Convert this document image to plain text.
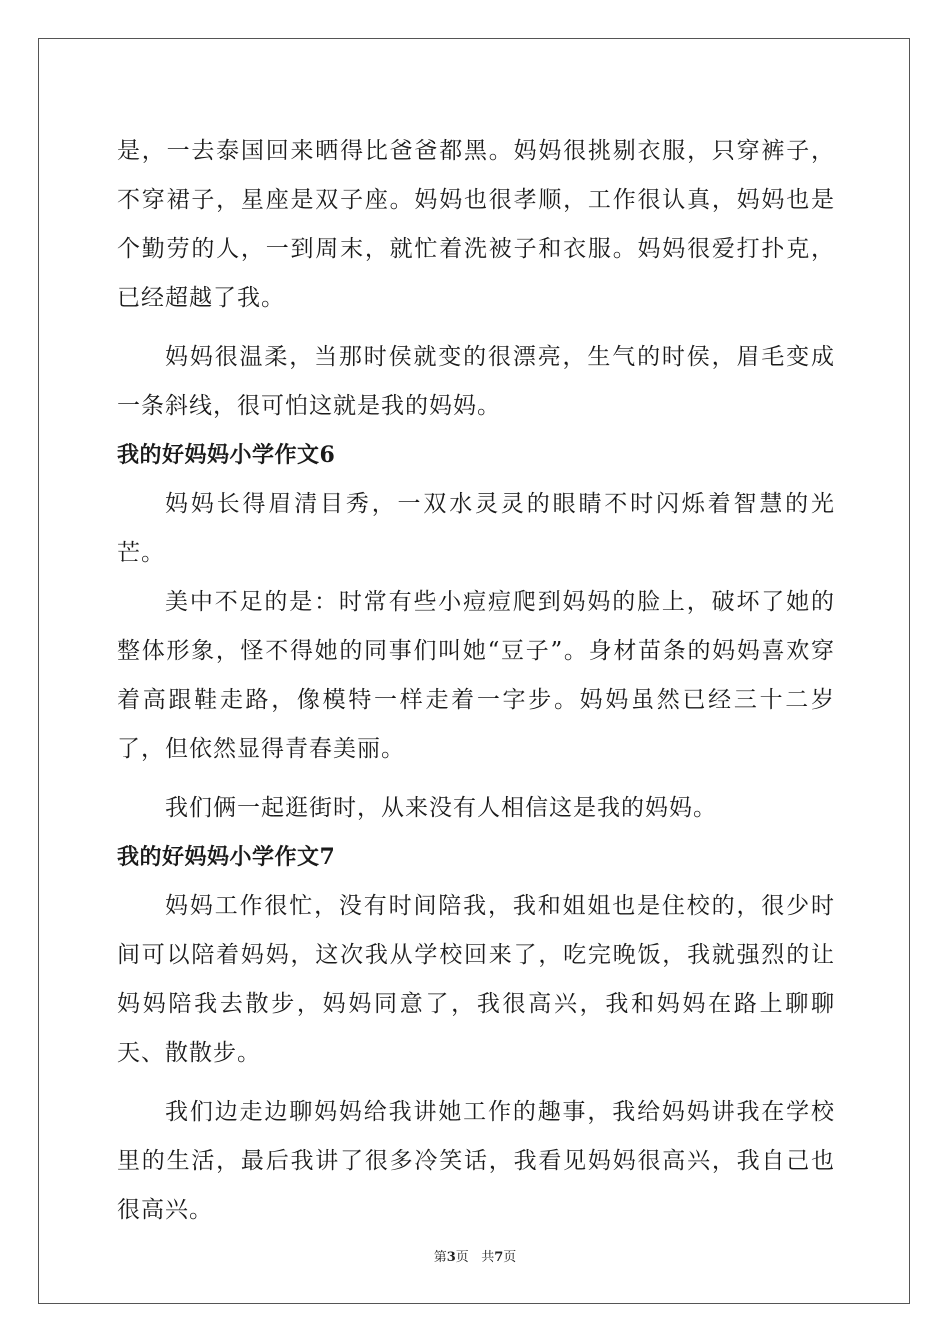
是，一去泰国回来晒得比爸爸都黑。妈妈很挑剔衣服，只穿裤子，不穿裙子，星座是双子座。妈妈也很孝顺，工作很认真，妈妈也是个勤劳的人，一到周末，就忙着洗被子和衣服。妈妈很爱打扑克，已经超越了我。

妈妈很温柔，当那时侯就变的很漂亮，生气的时侯，眉毛变成一条斜线，很可怕这就是我的妈妈。

我的好妈妈小学作文6

妈妈长得眉清目秀，一双水灵灵的眼睛不时闪烁着智慧的光芒。

美中不足的是：时常有些小痘痘爬到妈妈的脸上，破坏了她的整体形象，怪不得她的同事们叫她“豆子”。身材苗条的妈妈喜欢穿着高跟鞋走路，像模特一样走着一字步。妈妈虽然已经三十二岁了，但依然显得青春美丽。

我们俩一起逛街时，从来没有人相信这是我的妈妈。

我的好妈妈小学作文7

妈妈工作很忙，没有时间陪我，我和姐姐也是住校的，很少时间可以陪着妈妈，这次我从学校回来了，吃完晚饭，我就强烈的让妈妈陪我去散步，妈妈同意了，我很高兴，我和妈妈在路上聊聊天、散散步。

我们边走边聊妈妈给我讲她工作的趣事，我给妈妈讲我在学校里的生活，最后我讲了很多冷笑话，我看见妈妈很高兴，我自己也很高兴。

第3页 共7页
